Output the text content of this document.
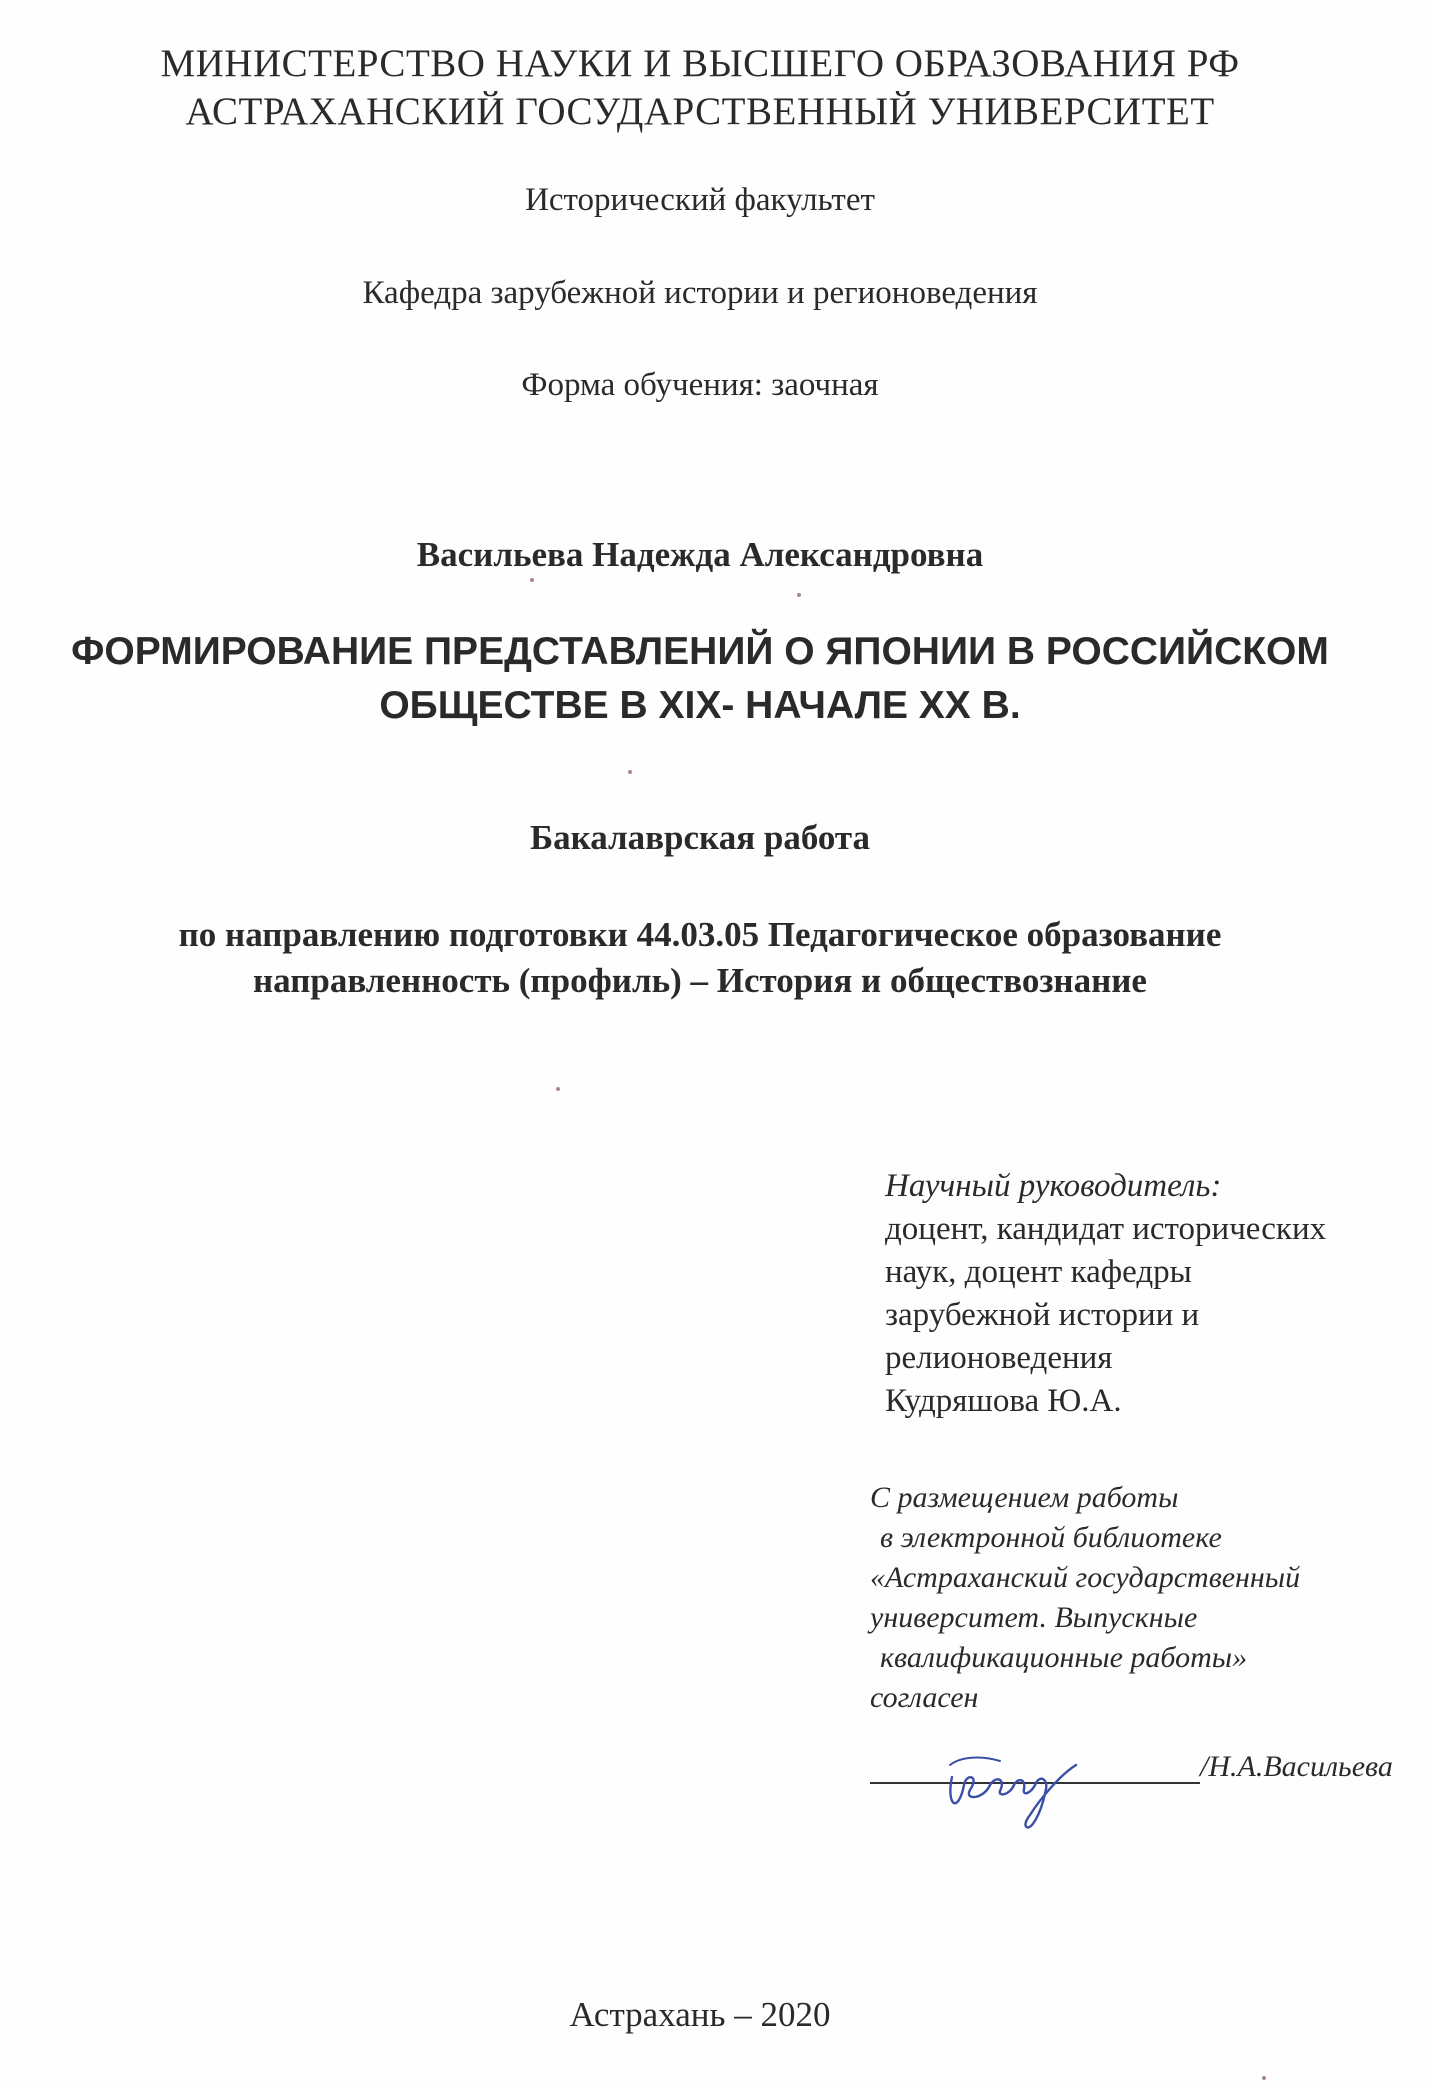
МИНИСТЕРСТВО НАУКИ И ВЫСШЕГО ОБРАЗОВАНИЯ РФ
АСТРАХАНСКИЙ ГОСУДАРСТВЕННЫЙ УНИВЕРСИТЕТ
Исторический факультет
Кафедра зарубежной истории и регионоведения
Форма обучения: заочная
Васильева Надежда Александровна
ФОРМИРОВАНИЕ ПРЕДСТАВЛЕНИЙ О ЯПОНИИ В РОССИЙСКОМ
ОБЩЕСТВЕ В XIX- НАЧАЛЕ XX В.
Бакалаврская работа
по направлению подготовки 44.03.05 Педагогическое образование
направленность (профиль) – История и обществознание
Научный руководитель:
доцент, кандидат исторических
наук, доцент кафедры
зарубежной истории и
релионоведения
Кудряшова Ю.А.
С размещением работы
в электронной библиотеке
«Астраханский государственный
университет. Выпускные
квалификационные работы»
согласен
/Н.А.Васильева
Астрахань – 2020
